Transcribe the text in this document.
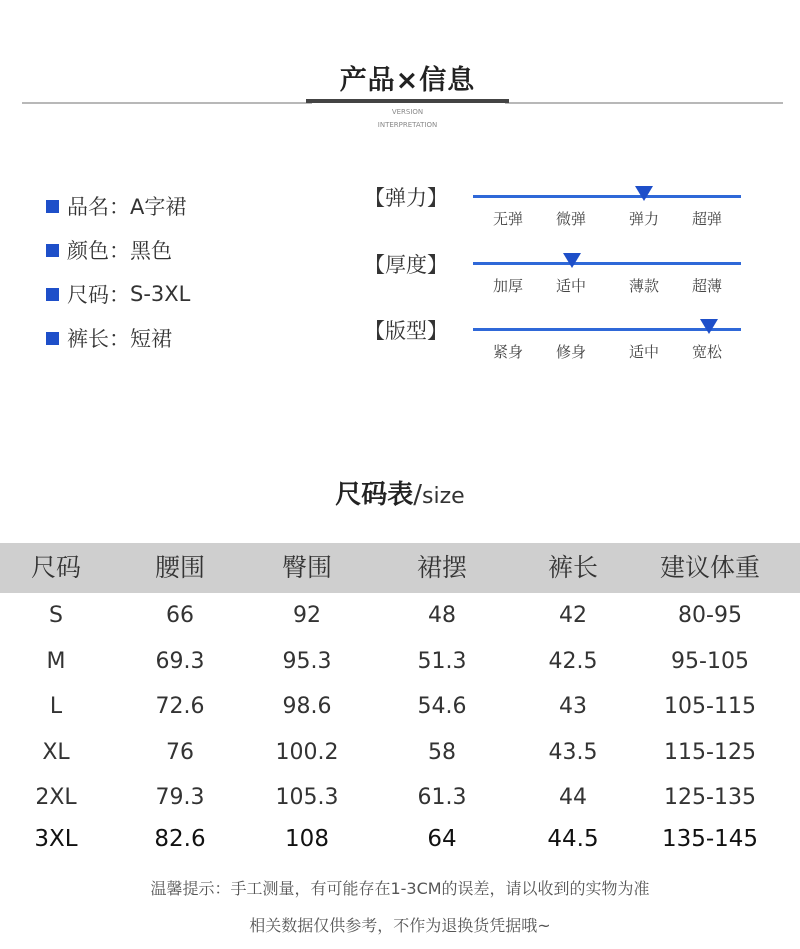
产品×信息
VERSION
INTERPRETATION
品名 ： A字裙
颜色 ： 黑色
尺码 ： S-3XL
裤长 ： 短裙
【弹力】
无弹	微弹	弹力	超弹
【厚度】
加厚	适中	薄款	超薄
【版型】
紧身	修身	适中	宽松
尺码表/size
尺码	腰围	臀围	裙摆	裤长	建议体重
S	66	92	48	42	80-95
M	69.3	95.3	51.3	42.5	95-105
L	72.6	98.6	54.6	43	105-115
XL	76	100.2	58	43.5	115-125
2XL	79.3	105.3	61.3	44	125-135
3XL	82.6	108	64	44.5	135-145
温馨提示：手工测量，有可能存在1-3CM的误差，请以收到的实物为准
相关数据仅供参考，不作为退换货凭据哦~
